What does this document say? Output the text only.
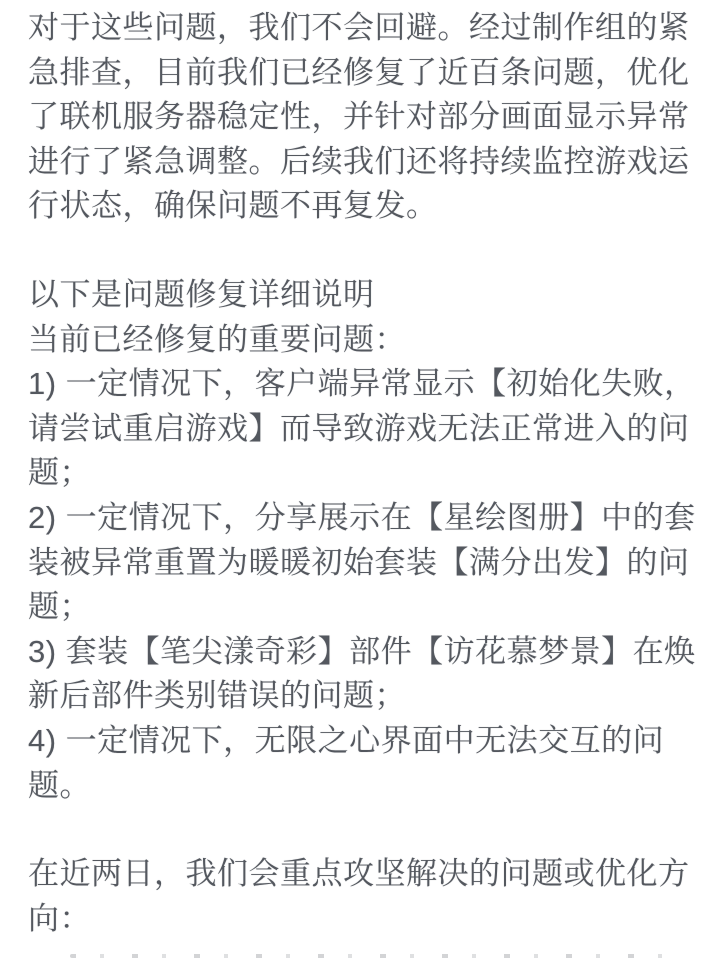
对于这些问题，我们不会回避。经过制作组的紧
急排查，目前我们已经修复了近百条问题，优化
了联机服务器稳定性，并针对部分画面显示异常
进行了紧急调整。后续我们还将持续监控游戏运
行状态，确保问题不再复发。
以下是问题修复详细说明
当前已经修复的重要问题：
1) 一定情况下，客户端异常显示【初始化失败，
请尝试重启游戏】而导致游戏无法正常进入的问
题；
2) 一定情况下，分享展示在【星绘图册】中的套
装被异常重置为暖暖初始套装【满分出发】的问
题；
3) 套装【笔尖漾奇彩】部件【访花慕梦景】在焕
新后部件类别错误的问题；
4) 一定情况下，无限之心界面中无法交互的问
题。
在近两日，我们会重点攻坚解决的问题或优化方
向：
